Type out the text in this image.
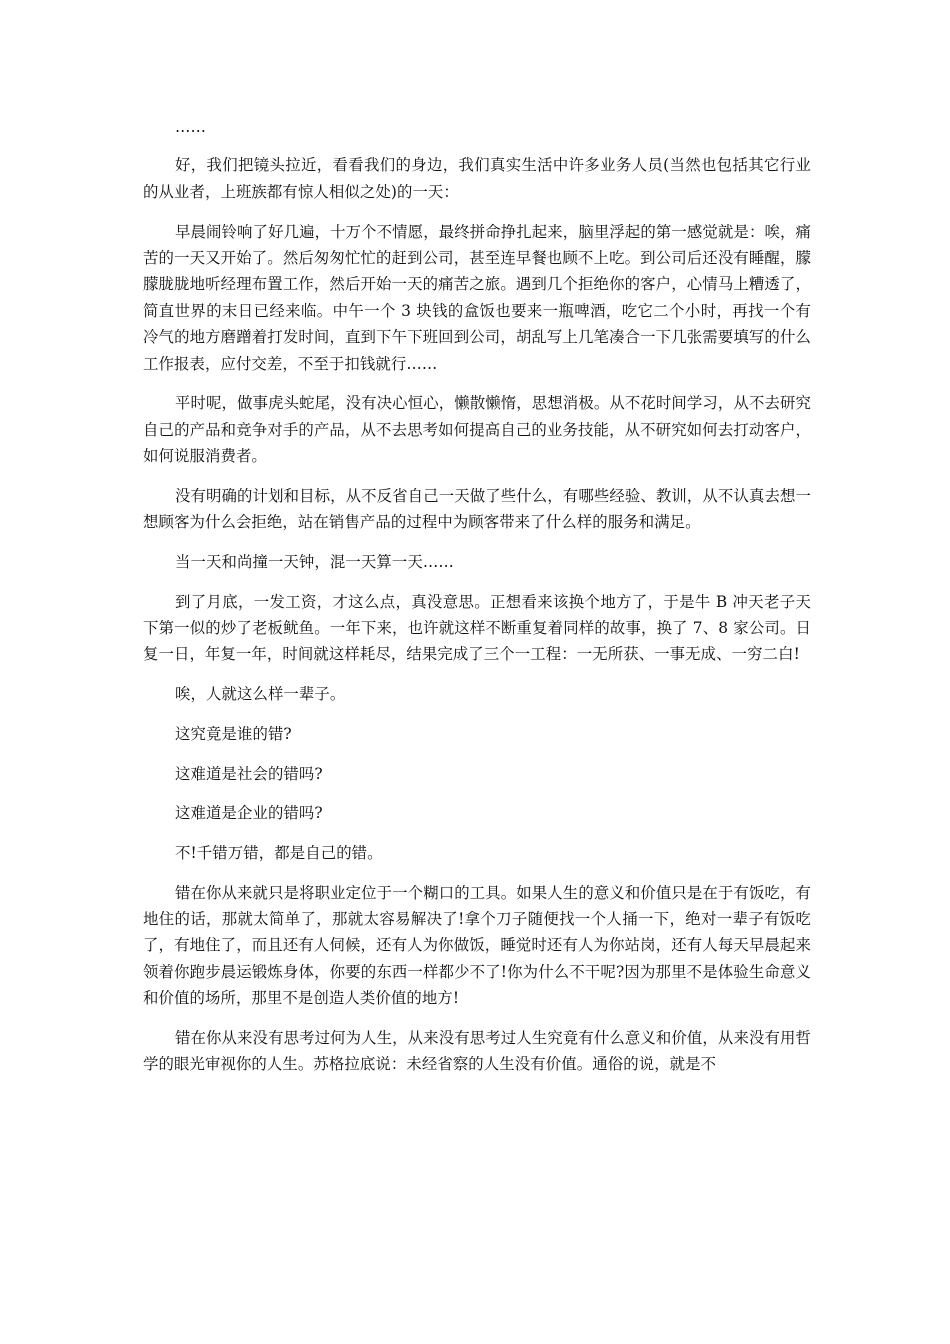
……

好，我们把镜头拉近，看看我们的身边，我们真实生活中许多业务人员(当然也包括其它行业的从业者，上班族都有惊人相似之处)的一天：

早晨闹铃响了好几遍，十万个不情愿，最终拼命挣扎起来，脑里浮起的第一感觉就是：唉，痛苦的一天又开始了。然后匆匆忙忙的赶到公司，甚至连早餐也顾不上吃。到公司后还没有睡醒，朦朦胧胧地听经理布置工作，然后开始一天的痛苦之旅。遇到几个拒绝你的客户，心情马上糟透了，简直世界的末日已经来临。中午一个 3 块钱的盒饭也要来一瓶啤酒，吃它二个小时，再找一个有冷气的地方磨蹭着打发时间，直到下午下班回到公司，胡乱写上几笔凑合一下几张需要填写的什么工作报表，应付交差，不至于扣钱就行……

平时呢，做事虎头蛇尾，没有决心恒心，懒散懒惰，思想消极。从不花时间学习，从不去研究自己的产品和竞争对手的产品，从不去思考如何提高自己的业务技能，从不研究如何去打动客户，如何说服消费者。

没有明确的计划和目标，从不反省自己一天做了些什么，有哪些经验、教训，从不认真去想一想顾客为什么会拒绝，站在销售产品的过程中为顾客带来了什么样的服务和满足。

当一天和尚撞一天钟，混一天算一天……

到了月底，一发工资，才这么点，真没意思。正想看来该换个地方了，于是牛 B 冲天老子天下第一似的炒了老板鱿鱼。一年下来，也许就这样不断重复着同样的故事，换了 7、8 家公司。日复一日，年复一年，时间就这样耗尽，结果完成了三个一工程：一无所获、一事无成、一穷二白!

唉，人就这么样一辈子。

这究竟是谁的错?

这难道是社会的错吗?

这难道是企业的错吗?

不!千错万错，都是自己的错。

错在你从来就只是将职业定位于一个糊口的工具。如果人生的意义和价值只是在于有饭吃，有地住的话，那就太简单了，那就太容易解决了!拿个刀子随便找一个人捅一下，绝对一辈子有饭吃了，有地住了，而且还有人伺候，还有人为你做饭，睡觉时还有人为你站岗，还有人每天早晨起来领着你跑步晨运锻炼身体，你要的东西一样都少不了!你为什么不干呢?因为那里不是体验生命意义和价值的场所，那里不是创造人类价值的地方!

错在你从来没有思考过何为人生，从来没有思考过人生究竟有什么意义和价值，从来没有用哲学的眼光审视你的人生。苏格拉底说：未经省察的人生没有价值。通俗的说，就是不
